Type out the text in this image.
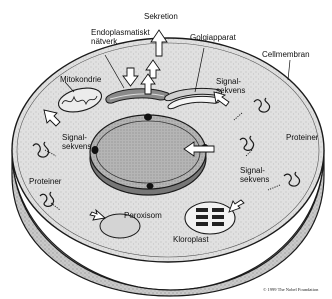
Sekretion
Endoplasmatiskt
nätverk	Golgiapparat
Cellmembran
Mitokondrie	Signal-
sekvens
Proteiner
Signal-
sekvens
Signal-
sekvens
Proteiner
Peroxisom
Kloroplast
© 1999 The Nobel Foundation
